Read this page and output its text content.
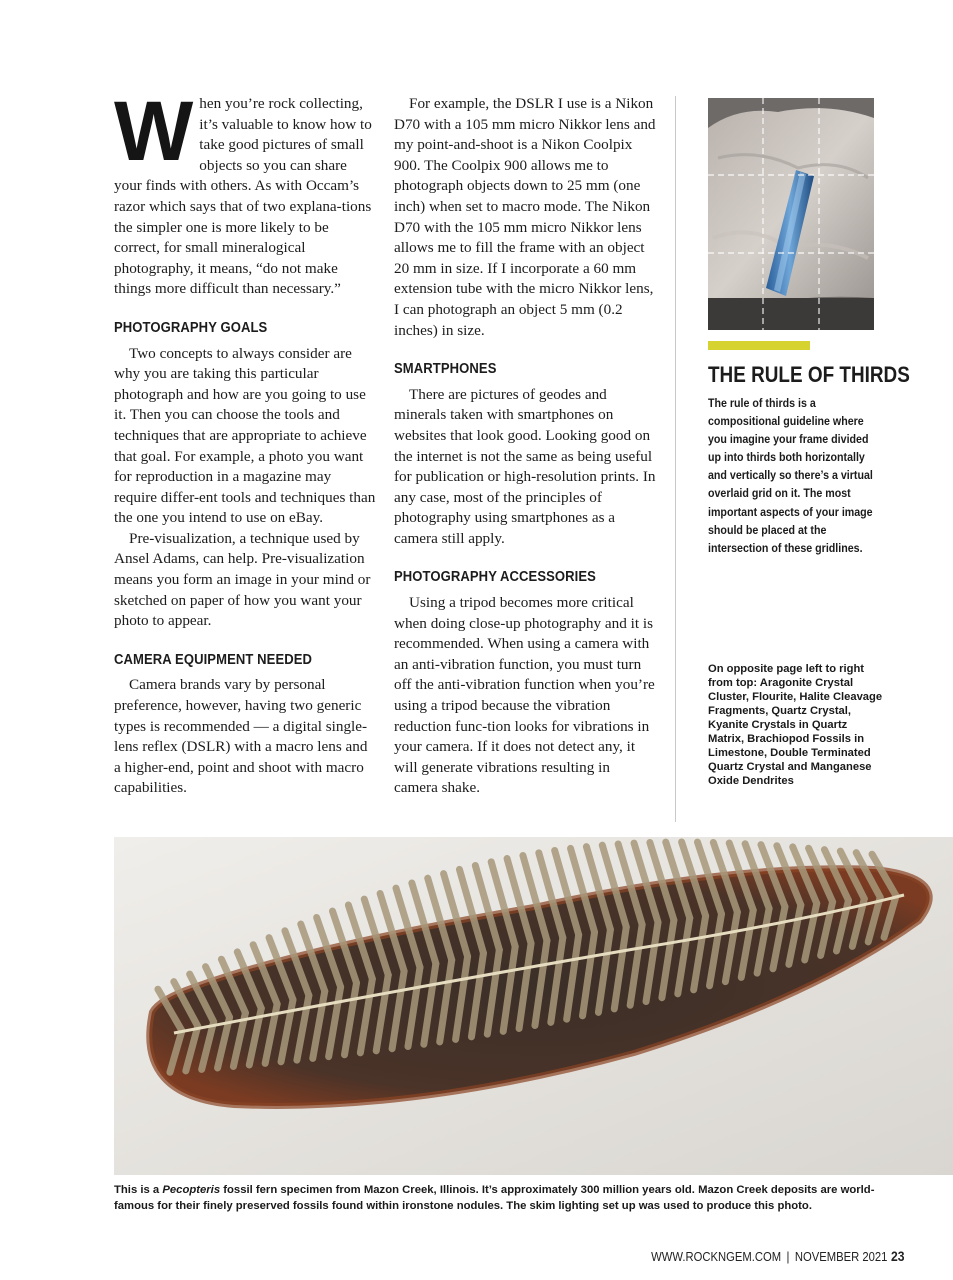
When you’re rock collecting, it’s valuable to know how to take good pictures of small objects so you can share your finds with others. As with Occam’s razor which says that of two explana-tions the simpler one is more likely to be correct, for small mineralogical photography, it means, “do not make things more difficult than necessary.”

PHOTOGRAPHY GOALS

Two concepts to always consider are why you are taking this particular photograph and how are you going to use it. Then you can choose the tools and techniques that are appropriate to achieve that goal. For example, a photo you want for reproduction in a magazine may require differ-ent tools and techniques than the one you intend to use on eBay.

Pre-visualization, a technique used by Ansel Adams, can help. Pre-visualization means you form an image in your mind or sketched on paper of how you want your photo to appear.

CAMERA EQUIPMENT NEEDED

Camera brands vary by personal preference, however, having two generic types is recommended — a digital single-lens reflex (DSLR) with a macro lens and a higher-end, point and shoot with macro capabilities.

For example, the DSLR I use is a Nikon D70 with a 105 mm micro Nikkor lens and my point-and-shoot is a Nikon Coolpix 900. The Coolpix 900 allows me to photograph objects down to 25 mm (one inch) when set to macro mode. The Nikon D70 with the 105 mm micro Nikkor lens allows me to fill the frame with an object 20 mm in size. If I incorporate a 60 mm extension tube with the micro Nikkor lens, I can photograph an object 5 mm (0.2 inches) in size.

SMARTPHONES

There are pictures of geodes and minerals taken with smartphones on websites that look good. Looking good on the internet is not the same as being useful for publication or high-resolution prints. In any case, most of the principles of photography using smartphones as a camera still apply.

PHOTOGRAPHY ACCESSORIES

Using a tripod becomes more critical when doing close-up photography and it is recommended. When using a camera with an anti-vibration function, you must turn off the anti-vibration function when you’re using a tripod because the vibration reduction func-tion looks for vibrations in your camera. If it does not detect any, it will generate vibrations resulting in camera shake.

THE RULE OF THIRDS
The rule of thirds is a compositional guideline where you imagine your frame divided up into thirds both horizontally and vertically so there’s a virtual overlaid grid on it. The most important aspects of your image should be placed at the intersection of these gridlines.
On opposite page left to right from top: Aragonite Crystal Cluster, Flourite, Halite Cleavage Fragments, Quartz Crystal, Kyanite Crystals in Quartz Matrix, Brachiopod Fossils in Limestone, Double Terminated Quartz Crystal and Manganese Oxide Dendrites
This is a Pecopteris fossil fern specimen from Mazon Creek, Illinois. It’s approximately 300 million years old. Mazon Creek deposits are world-famous for their finely preserved fossils found within ironstone nodules. The skim lighting set up was used to produce this photo.
WWW.ROCKNGEM.COM | NOVEMBER 2021 23
